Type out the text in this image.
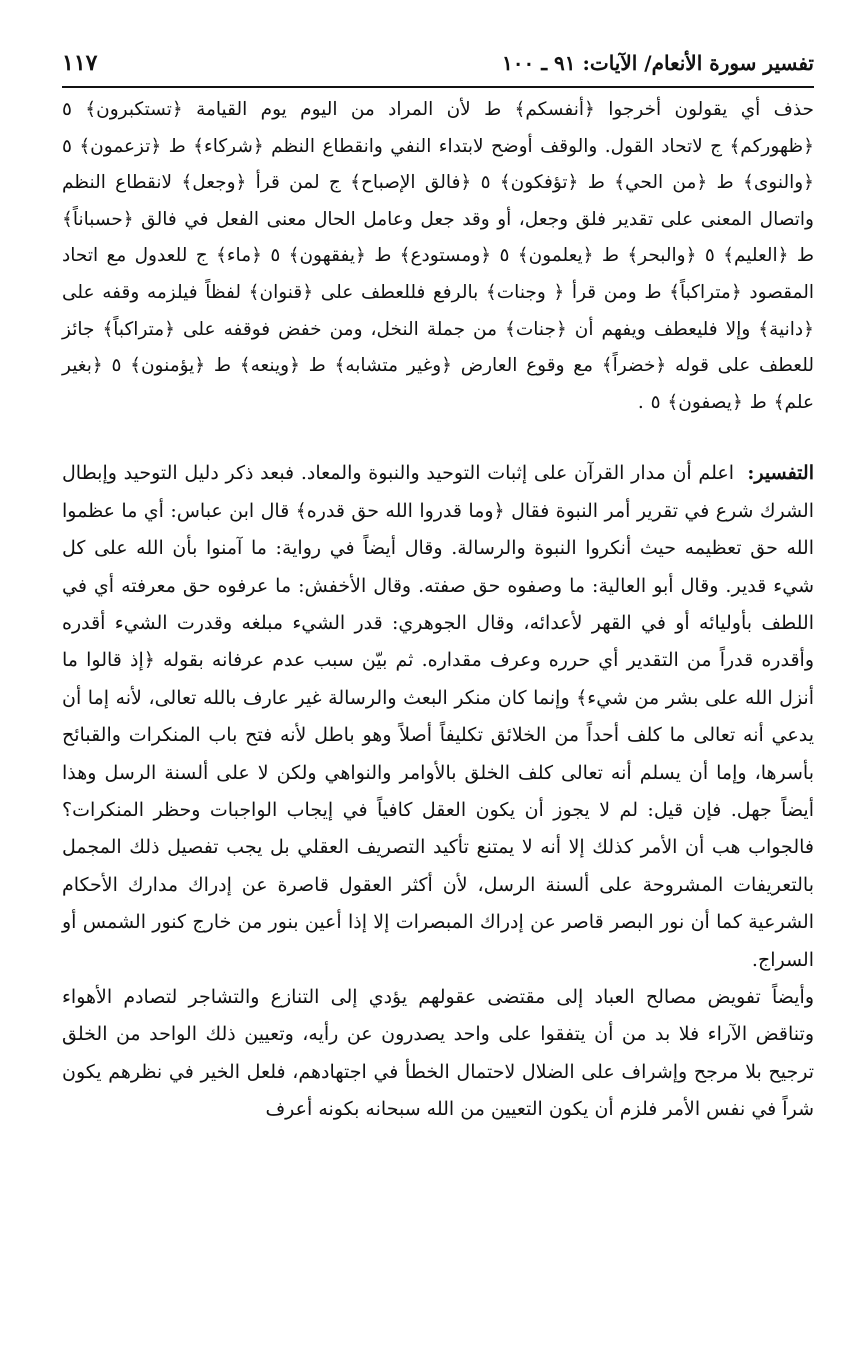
تفسير سورة الأنعام/ الآيات: ٩١ ـ ١٠٠
١١٧

حذف أي يقولون أخرجوا ﴿أنفسكم﴾ ط لأن المراد من اليوم يوم القيامة ﴿تستكبرون﴾ ٥ ﴿ظهوركم﴾ ج لاتحاد القول. والوقف أوضح لابتداء النفي وانقطاع النظم ﴿شركاء﴾ ط ﴿تزعمون﴾ ٥ ﴿والنوى﴾ ط ﴿من الحي﴾ ط ﴿تؤفكون﴾ ٥ ﴿فالق الإصباح﴾ ج لمن قرأ ﴿وجعل﴾ لانقطاع النظم واتصال المعنى على تقدير فلق وجعل، أو وقد جعل وعامل الحال معنى الفعل في فالق ﴿حسباناً﴾ ط ﴿العليم﴾ ٥ ﴿والبحر﴾ ط ﴿يعلمون﴾ ٥ ﴿ومستودع﴾ ط ﴿يفقهون﴾ ٥ ﴿ماء﴾ ج للعدول مع اتحاد المقصود ﴿متراكباً﴾ ط ومن قرأ ﴿ وجنات﴾ بالرفع فللعطف على ﴿قنوان﴾ لفظاً فيلزمه وقفه على ﴿دانية﴾ وإلا فليعطف ويفهم أن ﴿جنات﴾ من جملة النخل، ومن خفض فوقفه على ﴿متراكباً﴾ جائز للعطف على قوله ﴿خضراً﴾ مع وقوع العارض ﴿وغير متشابه﴾ ط ﴿وينعه﴾ ط ﴿يؤمنون﴾ ٥ ﴿بغير علم﴾ ط ﴿يصفون﴾ ٥ .

التفسير:  اعلم أن مدار القرآن على إثبات التوحيد والنبوة والمعاد. فبعد ذكر دليل التوحيد وإبطال الشرك شرع في تقرير أمر النبوة فقال ﴿وما قدروا الله حق قدره﴾ قال ابن عباس: أي ما عظموا الله حق تعظيمه حيث أنكروا النبوة والرسالة. وقال أيضاً في رواية: ما آمنوا بأن الله على كل شيء قدير. وقال أبو العالية: ما وصفوه حق صفته. وقال الأخفش: ما عرفوه حق معرفته أي في اللطف بأوليائه أو في القهر لأعدائه، وقال الجوهري: قدر الشيء مبلغه وقدرت الشيء أقدره وأقدره قدراً من التقدير أي حرره وعرف مقداره. ثم بيّن سبب عدم عرفانه بقوله ﴿إذ قالوا ما أنزل الله على بشر من شيء﴾ وإنما كان منكر البعث والرسالة غير عارف بالله تعالى، لأنه إما أن يدعي أنه تعالى ما كلف أحداً من الخلائق تكليفاً أصلاً وهو باطل لأنه فتح باب المنكرات والقبائح بأسرها، وإما أن يسلم أنه تعالى كلف الخلق بالأوامر والنواهي ولكن لا على ألسنة الرسل وهذا أيضاً جهل. فإن قيل: لم لا يجوز أن يكون العقل كافياً في إيجاب الواجبات وحظر المنكرات؟ فالجواب هب أن الأمر كذلك إلا أنه لا يمتنع تأكيد التصريف العقلي بل يجب تفصيل ذلك المجمل بالتعريفات المشروحة على ألسنة الرسل، لأن أكثر العقول قاصرة عن إدراك مدارك الأحكام الشرعية كما أن نور البصر قاصر عن إدراك المبصرات إلا إذا أعين بنور من خارج كنور الشمس أو السراج.

وأيضاً تفويض مصالح العباد إلى مقتضى عقولهم يؤدي إلى التنازع والتشاجر لتصادم الأهواء وتناقض الآراء فلا بد من أن يتفقوا على واحد يصدرون عن رأيه، وتعيين ذلك الواحد من الخلق ترجيح بلا مرجح وإشراف على الضلال لاحتمال الخطأ في اجتهادهم، فلعل الخير في نظرهم يكون شراً في نفس الأمر فلزم أن يكون التعيين من الله سبحانه بكونه أعرف
